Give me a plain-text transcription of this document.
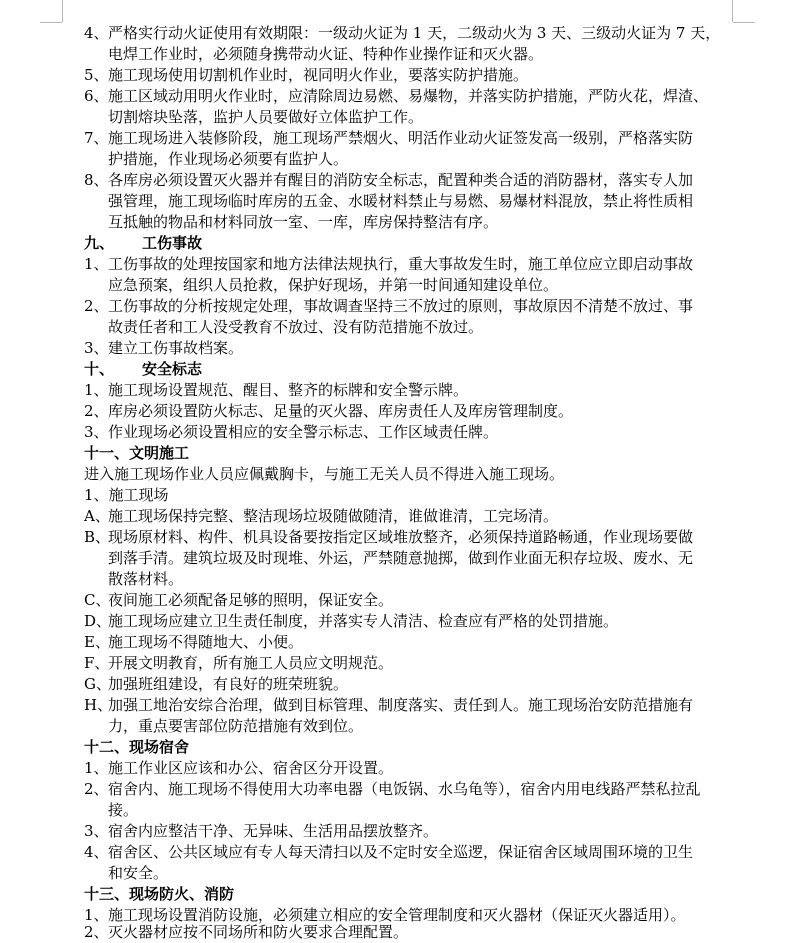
4、严格实行动火证使用有效期限：一级动火证为 1 天，二级动火为 3 天、三级动火证为 7 天，
电焊工作业时，必须随身携带动火证、特种作业操作证和灭火器。
5、施工现场使用切割机作业时，视同明火作业，要落实防护措施。
6、施工区域动用明火作业时，应清除周边易燃、易爆物，并落实防护措施，严防火花，焊渣、
切割熔块坠落，监护人员要做好立体监护工作。
7、施工现场进入装修阶段，施工现场严禁烟火、明活作业动火证签发高一级别，严格落实防
护措施，作业现场必须要有监护人。
8、各库房必须设置灭火器并有醒目的消防安全标志，配置种类合适的消防器材，落实专人加
强管理，施工现场临时库房的五金、水暖材料禁止与易燃、易爆材料混放，禁止将性质相
互抵触的物品和材料同放一室、一库，库房保持整洁有序。
九、 工伤事故
1、工伤事故的处理按国家和地方法律法规执行，重大事故发生时，施工单位应立即启动事故
应急预案，组织人员抢救，保护好现场，并第一时间通知建设单位。
2、工伤事故的分析按规定处理，事故调查坚持三不放过的原则，事故原因不清楚不放过、事
故责任者和工人没受教育不放过、没有防范措施不放过。
3、建立工伤事故档案。
十、 安全标志
1、施工现场设置规范、醒目、整齐的标牌和安全警示牌。
2、库房必须设置防火标志、足量的灭火器、库房责任人及库房管理制度。
3、作业现场必须设置相应的安全警示标志、工作区域责任牌。
十一、文明施工
进入施工现场作业人员应佩戴胸卡，与施工无关人员不得进入施工现场。
1、施工现场
A、施工现场保持完整、整洁现场垃圾随做随清，谁做谁清，工完场清。
B、现场原材料、构件、机具设备要按指定区域堆放整齐，必须保持道路畅通，作业现场要做
到落手清。建筑垃圾及时现堆、外运，严禁随意抛掷，做到作业面无积存垃圾、废水、无
散落材料。
C、夜间施工必须配备足够的照明，保证安全。
D、施工现场应建立卫生责任制度，并落实专人清洁、检查应有严格的处罚措施。
E、施工现场不得随地大、小便。
F、开展文明教育，所有施工人员应文明规范。
G、加强班组建设，有良好的班荣班貌。
H、加强工地治安综合治理，做到目标管理、制度落实、责任到人。施工现场治安防范措施有
力，重点要害部位防范措施有效到位。
十二、现场宿舍
1、施工作业区应该和办公、宿舍区分开设置。
2、宿舍内、施工现场不得使用大功率电器（电饭锅、水乌龟等），宿舍内用电线路严禁私拉乱
接。
3、宿舍内应整洁干净、无异味、生活用品摆放整齐。
4、宿舍区、公共区域应有专人每天清扫以及不定时安全巡逻，保证宿舍区域周围环境的卫生
和安全。
十三、现场防火、消防
1、施工现场设置消防设施，必须建立相应的安全管理制度和灭火器材（保证灭火器适用）。
2、灭火器材应按不同场所和防火要求合理配置。
